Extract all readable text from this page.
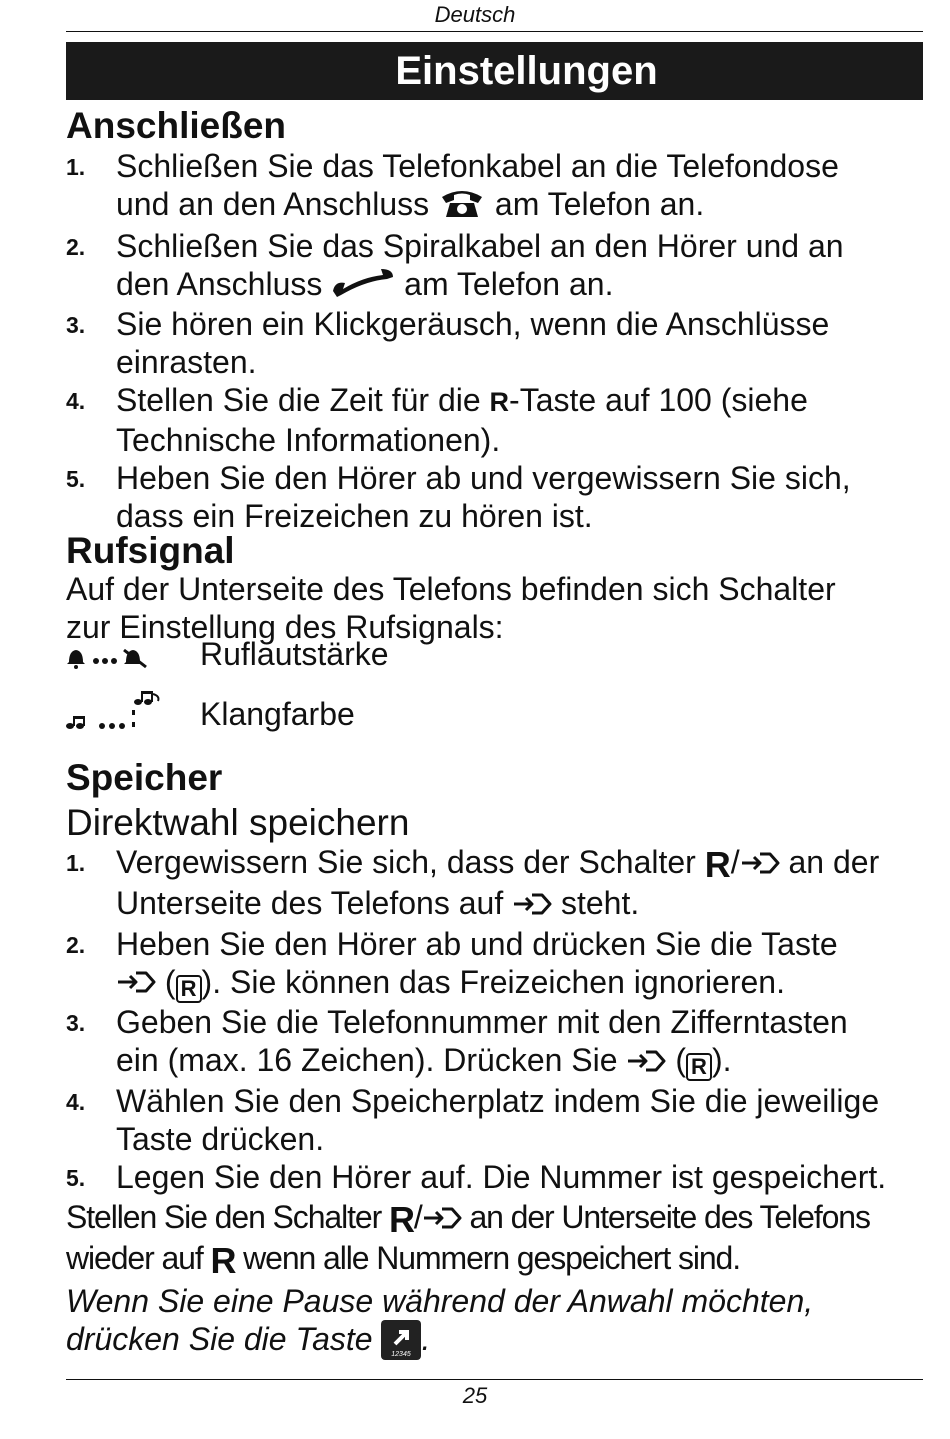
Deutsch
Einstellungen
Anschließen
1. Schließen Sie das Telefonkabel an die Telefondose
und an den Anschluss am Telefon an.
2. Schließen Sie das Spiralkabel an den Hörer und an
den Anschluss	am Telefon an.
3. Sie hören ein Klickgeräusch, wenn die Anschlüsse
einrasten.
4. Stellen Sie die Zeit für die R-Taste auf 100 (siehe
Technische Informationen).
5. Heben Sie den Hörer ab und vergewissern Sie sich,
dass ein Freizeichen zu hören ist.
Rufsignal
Auf der Unterseite des Telefons befinden sich Schalter
zur Einstellung des Rufsignals:
Ruflautstärke
Klangfarbe
Speicher
Direktwahl speichern
1. Vergewissern Sie sich, dass der Schalter R/ an der
Unterseite des Telefons auf steht.
2. Heben Sie den Hörer ab und drücken Sie die Taste
( R ). Sie können das Freizeichen ignorieren.
3. Geben Sie die Telefonnummer mit den Zifferntasten
ein (max. 16 Zeichen). Drücken Sie ( R ).
4. Wählen Sie den Speicherplatz indem Sie die jeweilige
Taste drücken.
5. Legen Sie den Hörer auf. Die Nummer ist gespeichert.
Stellen Sie den Schalter R/ an der Unterseite des Telefons
wieder auf R wenn alle Nummern gespeichert sind.
Wenn Sie eine Pause während der Anwahl möchten,
drücken Sie die Taste	12345 .
25
